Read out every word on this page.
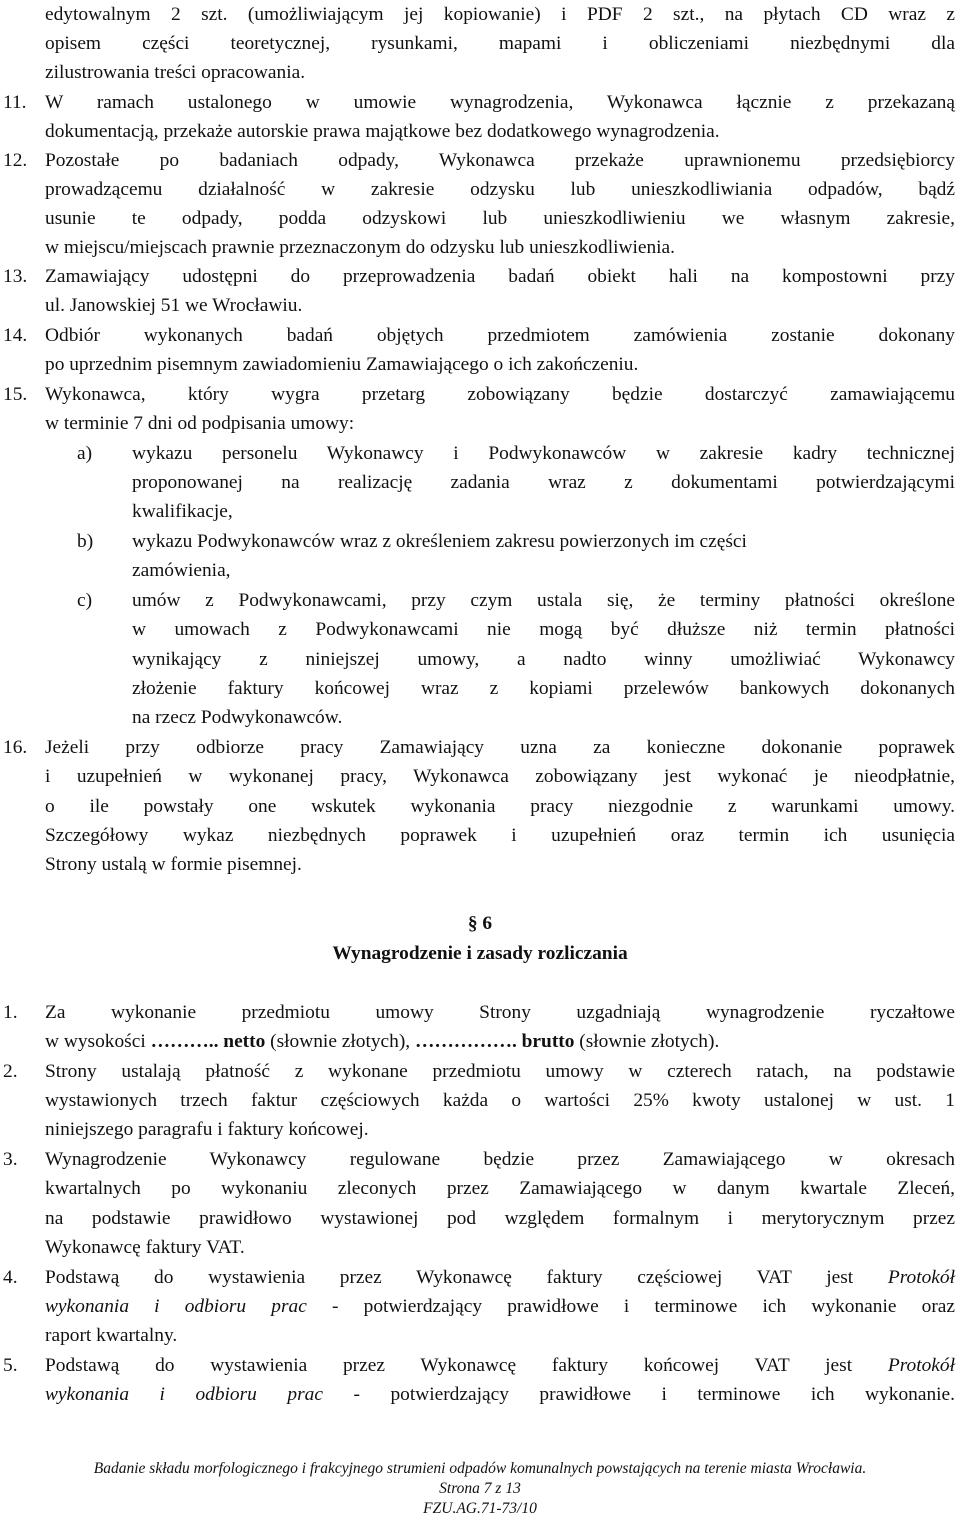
edytowalnym 2 szt. (umożliwiającym jej kopiowanie) i PDF 2 szt., na płytach CD wraz z
opisem części teoretycznej, rysunkami, mapami i obliczeniami niezbędnymi dla
zilustrowania treści opracowania.
11. W ramach ustalonego w umowie wynagrodzenia, Wykonawca łącznie z przekazaną
dokumentacją, przekaże autorskie prawa majątkowe bez dodatkowego wynagrodzenia.
12. Pozostałe po badaniach odpady, Wykonawca przekaże uprawnionemu przedsiębiorcy
prowadzącemu działalność w zakresie odzysku lub unieszkodliwiania odpadów, bądź
usunie te odpady, podda odzyskowi lub unieszkodliwieniu we własnym zakresie,
w miejscu/miejscach prawnie przeznaczonym do odzysku lub unieszkodliwienia.
13. Zamawiający udostępni do przeprowadzenia badań obiekt hali na kompostowni przy
ul. Janowskiej 51 we Wrocławiu.
14. Odbiór wykonanych badań objętych przedmiotem zamówienia zostanie dokonany
po uprzednim pisemnym zawiadomieniu Zamawiającego o ich zakończeniu.
15. Wykonawca, który wygra przetarg zobowiązany będzie dostarczyć zamawiającemu
w terminie 7 dni od podpisania umowy:
a) wykazu personelu Wykonawcy i Podwykonawców w zakresie kadry technicznej
proponowanej na realizację zadania wraz z dokumentami potwierdzającymi
kwalifikacje,
b) wykazu Podwykonawców wraz z określeniem zakresu powierzonych im części
zamówienia,
c) umów z Podwykonawcami, przy czym ustala się, że terminy płatności określone
w umowach z Podwykonawcami nie mogą być dłuższe niż termin płatności
wynikający z niniejszej umowy, a nadto winny umożliwiać Wykonawcy
złożenie faktury końcowej wraz z kopiami przelewów bankowych dokonanych
na rzecz Podwykonawców.
16. Jeżeli przy odbiorze pracy Zamawiający uzna za konieczne dokonanie poprawek
i uzupełnień w wykonanej pracy, Wykonawca zobowiązany jest wykonać je nieodpłatnie,
o ile powstały one wskutek wykonania pracy niezgodnie z warunkami umowy.
Szczegółowy wykaz niezbędnych poprawek i uzupełnień oraz termin ich usunięcia
Strony ustalą w formie pisemnej.
§ 6
Wynagrodzenie i zasady rozliczania
1. Za wykonanie przedmiotu umowy Strony uzgadniają wynagrodzenie ryczałtowe
w wysokości ……….. netto (słownie złotych), ……………. brutto (słownie złotych).
2. Strony ustalają płatność z wykonane przedmiotu umowy w czterech ratach, na podstawie
wystawionych trzech faktur częściowych każda o wartości 25% kwoty ustalonej w ust. 1
niniejszego paragrafu i faktury końcowej.
3. Wynagrodzenie Wykonawcy regulowane będzie przez Zamawiającego w okresach
kwartalnych po wykonaniu zleconych przez Zamawiającego w danym kwartale Zleceń,
na podstawie prawidłowo wystawionej pod względem formalnym i merytorycznym przez
Wykonawcę faktury VAT.
4. Podstawą do wystawienia przez Wykonawcę faktury częściowej VAT jest Protokół
wykonania i odbioru prac - potwierdzający prawidłowe i terminowe ich wykonanie oraz
raport kwartalny.
5. Podstawą do wystawienia przez Wykonawcę faktury końcowej VAT jest Protokół
wykonania i odbioru prac - potwierdzający prawidłowe i terminowe ich wykonanie.
Badanie składu morfologicznego i frakcyjnego strumieni odpadów komunalnych powstających na terenie miasta Wrocławia.
Strona 7 z 13
FZU.AG.71-73/10
